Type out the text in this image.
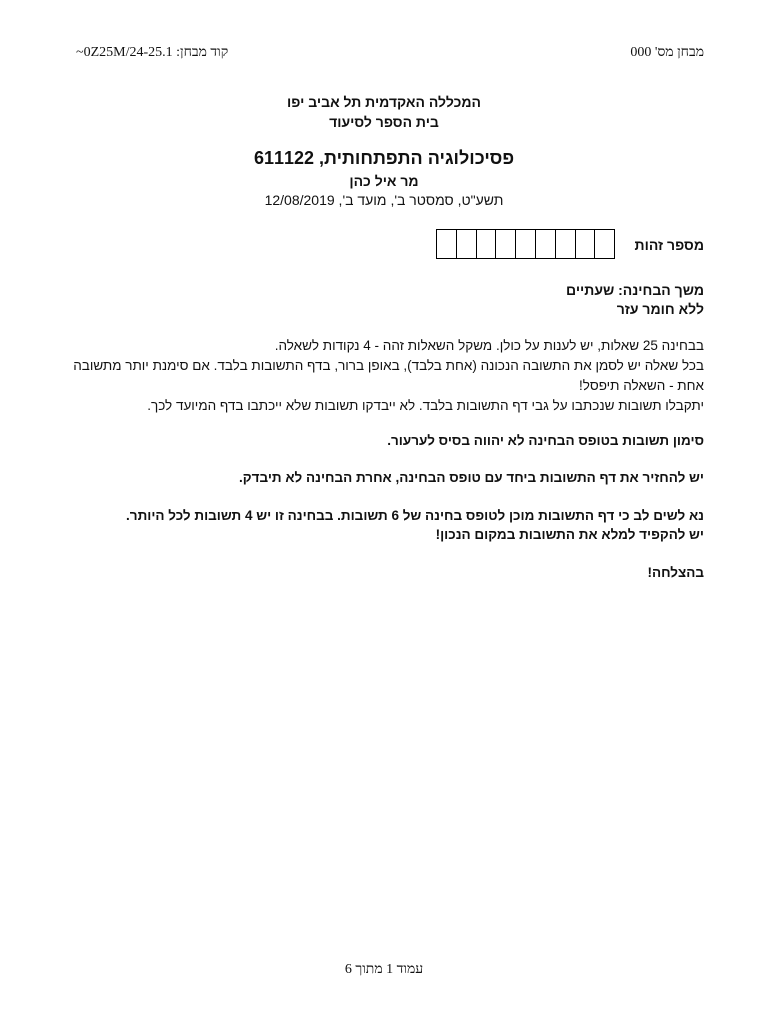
מבחן מס' 000
~0Z25M/24-25.1 קוד מבחן:
המכללה האקדמית תל אביב יפו
בית הספר לסיעוד
פסיכולוגיה התפתחותית, 611122
מר איל כהן
תשע"ט, סמסטר ב', מועד ב', 12/08/2019
מספר זהות
משך הבחינה: שעתיים
ללא חומר עזר
בבחינה 25 שאלות, יש לענות על כולן. משקל השאלות זהה - 4 נקודות לשאלה.
בכל שאלה יש לסמן את התשובה הנכונה (אחת בלבד), באופן ברור, בדף התשובות בלבד. אם סימנת יותר מתשובה אחת - השאלה תיפסל!
יתקבלו תשובות שנכתבו על גבי דף התשובות בלבד. לא ייבדקו תשובות שלא ייכתבו בדף המיועד לכך.
סימון תשובות בטופס הבחינה לא יהווה בסיס לערעור.
יש להחזיר את דף התשובות ביחד עם טופס הבחינה, אחרת הבחינה לא תיבדק.
נא לשים לב כי דף התשובות מוכן לטופס בחינה של 6 תשובות. בבחינה זו יש 4 תשובות לכל היותר.
יש להקפיד למלא את התשובות במקום הנכון!
בהצלחה!
עמוד 1 מתוך 6
